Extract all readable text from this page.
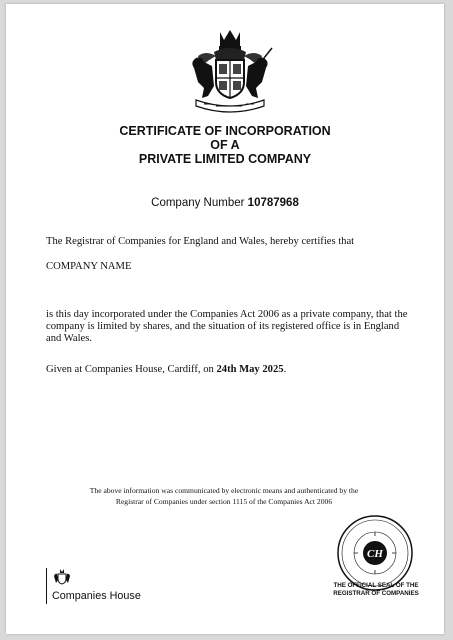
CERTIFICATE OF INCORPORATION
OF A
PRIVATE LIMITED COMPANY
Company Number 10787968
The Registrar of Companies for England and Wales, hereby certifies that
COMPANY NAME
is this day incorporated under the Companies Act 2006 as a private company, that the company is limited by shares, and the situation of its registered office is in England and Wales.
Given at Companies House, Cardiff, on 24th May 2025.
The above information was communicated by electronic means and authenticated by the
Registrar of Companies under section 1115 of the Companies Act 2006
Companies House
CH
THE OFFICIAL SEAL OF THE
REGISTRAR OF COMPANIES
